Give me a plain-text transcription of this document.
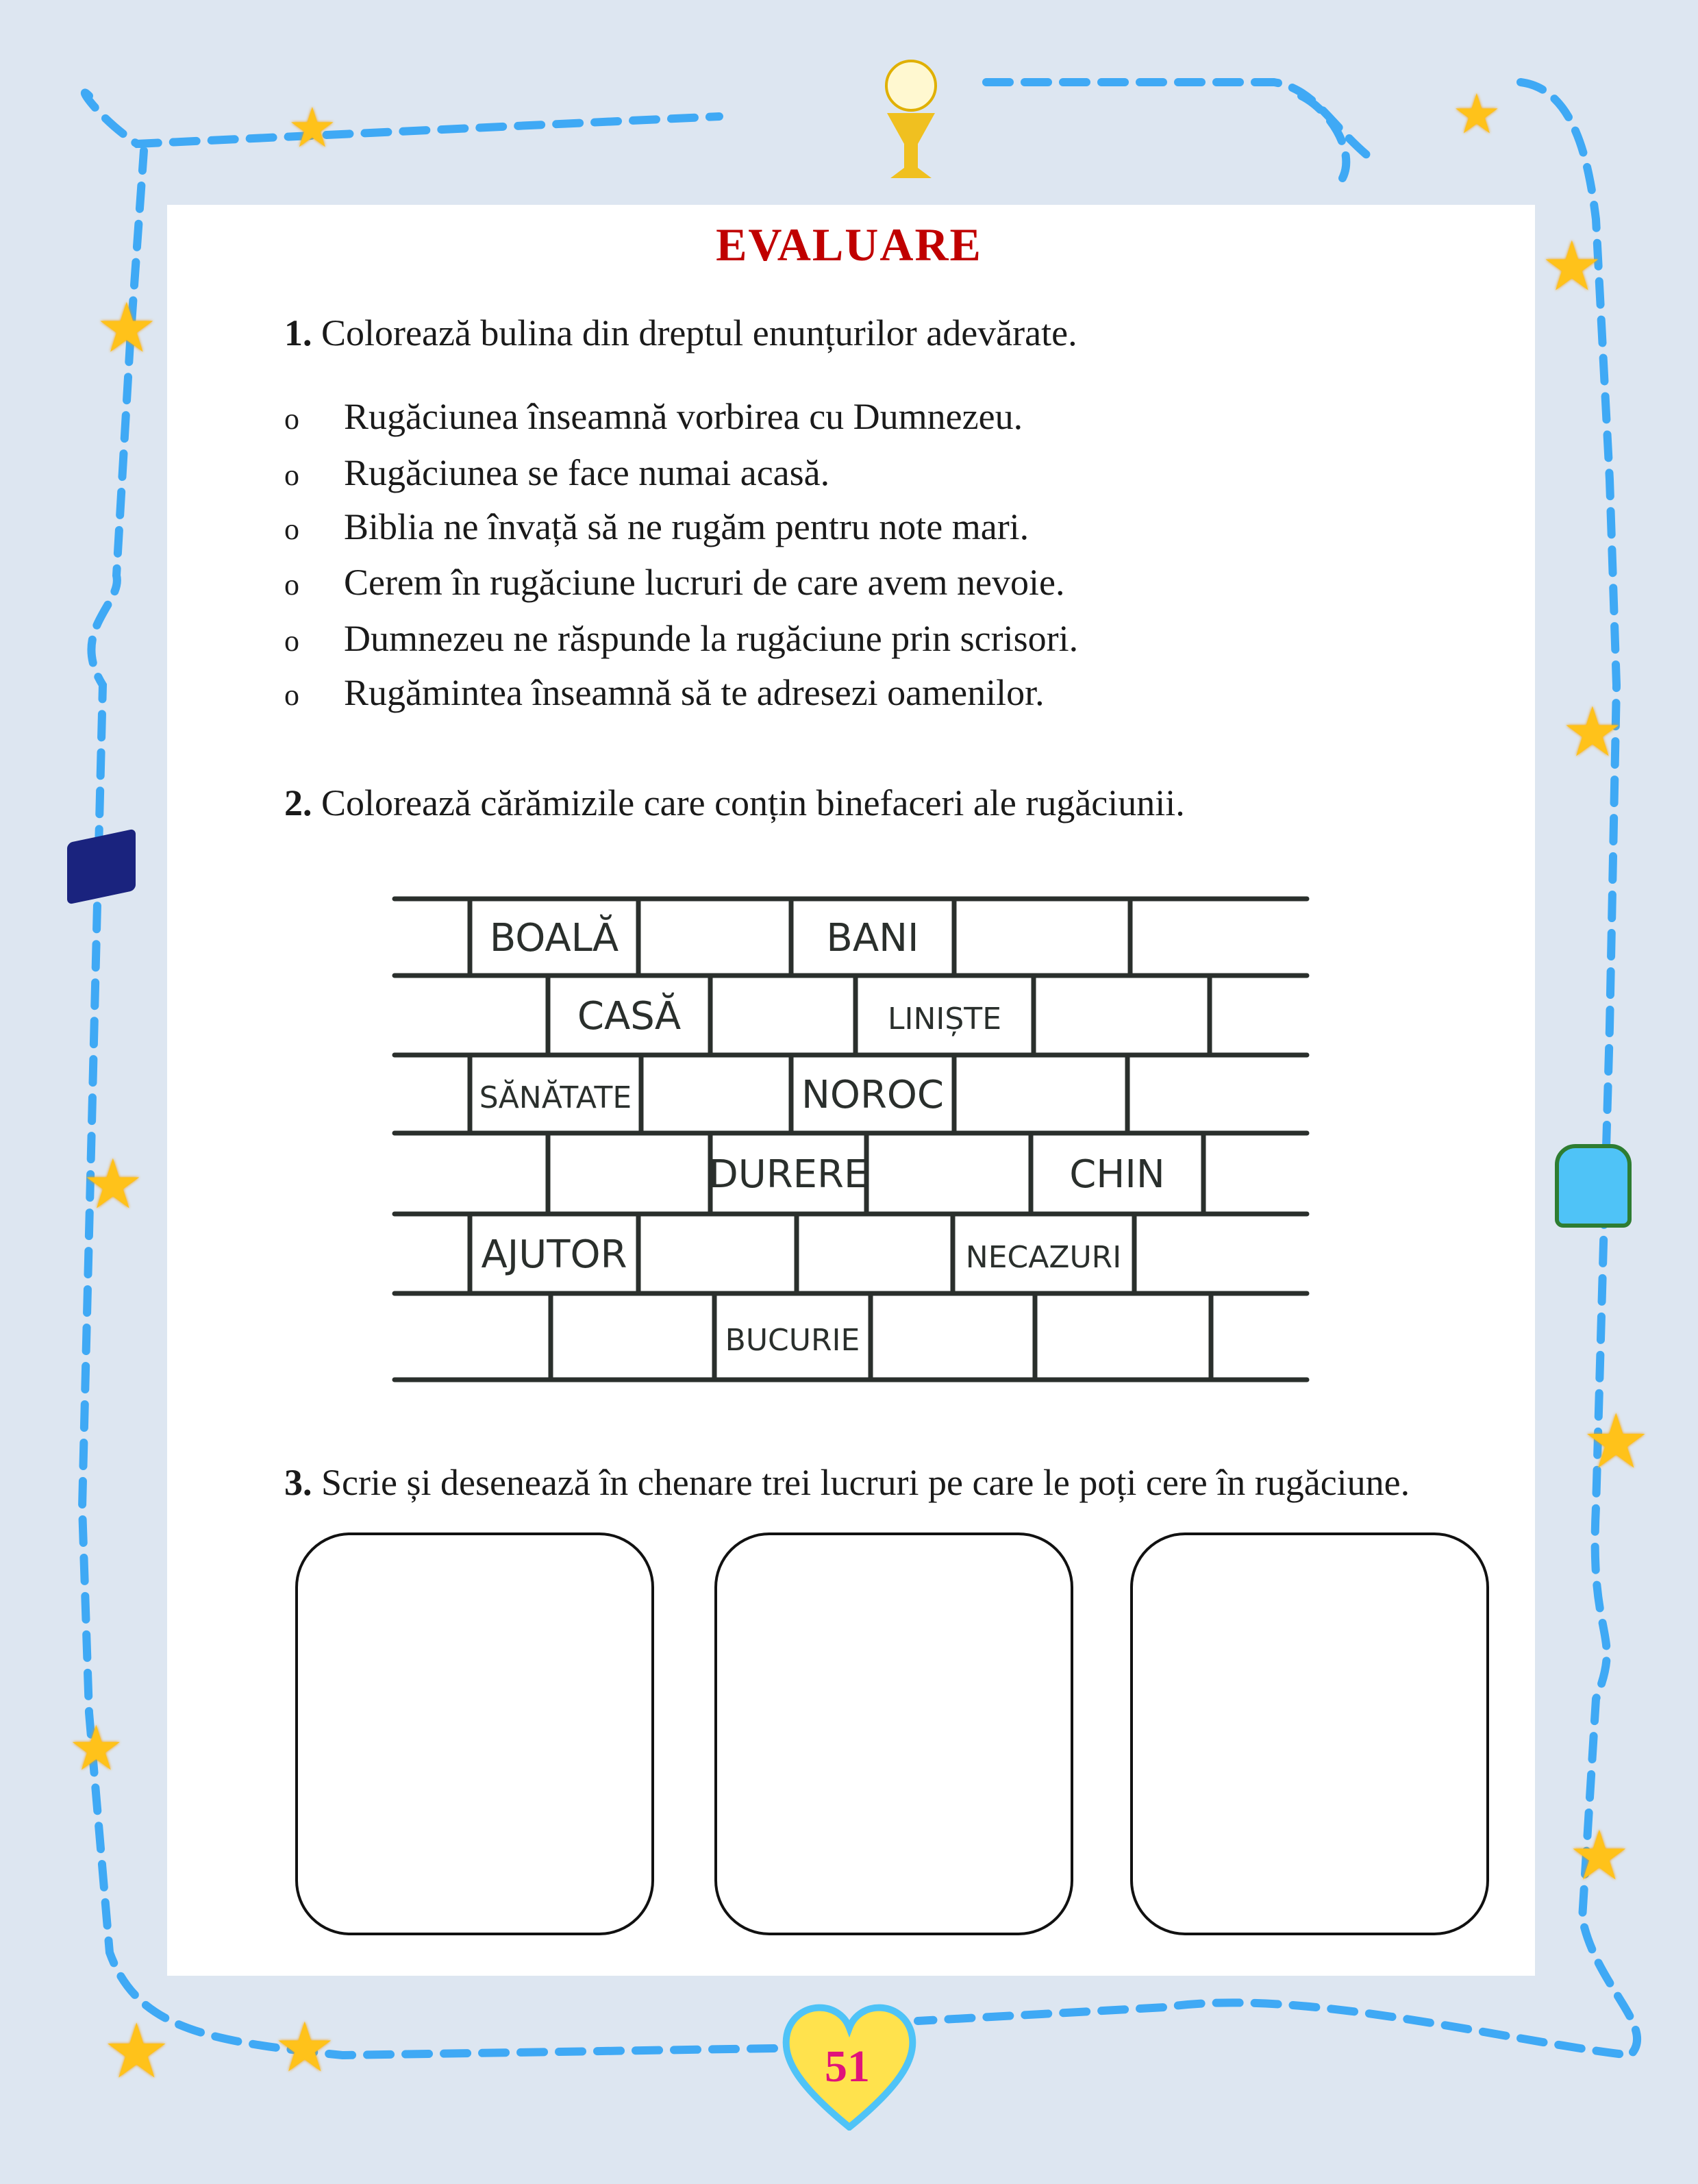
★
★
★
★
★
★
★
★
★
★ ★	51
EVALUARE
1. Colorează bulina din dreptul enunțurilor adevărate.
o Rugăciunea înseamnă vorbirea cu Dumnezeu.
o Rugăciunea se face numai acasă.
o Biblia ne învață să ne rugăm pentru note mari.
o Cerem în rugăciune lucruri de care avem nevoie.
o Dumnezeu ne răspunde la rugăciune prin scrisori.
o Rugămintea înseamnă să te adresezi oamenilor.
2. Colorează cărămizile care conțin binefaceri ale rugăciunii.
BOALĂ	BANI
CASĂ	LINIȘTE
SĂNĂTATE	NOROC
DURERE	CHIN
AJUTOR	NECAZURI
BUCURIE
3. Scrie și desenează în chenare trei lucruri pe care le poți cere în rugăciune.
